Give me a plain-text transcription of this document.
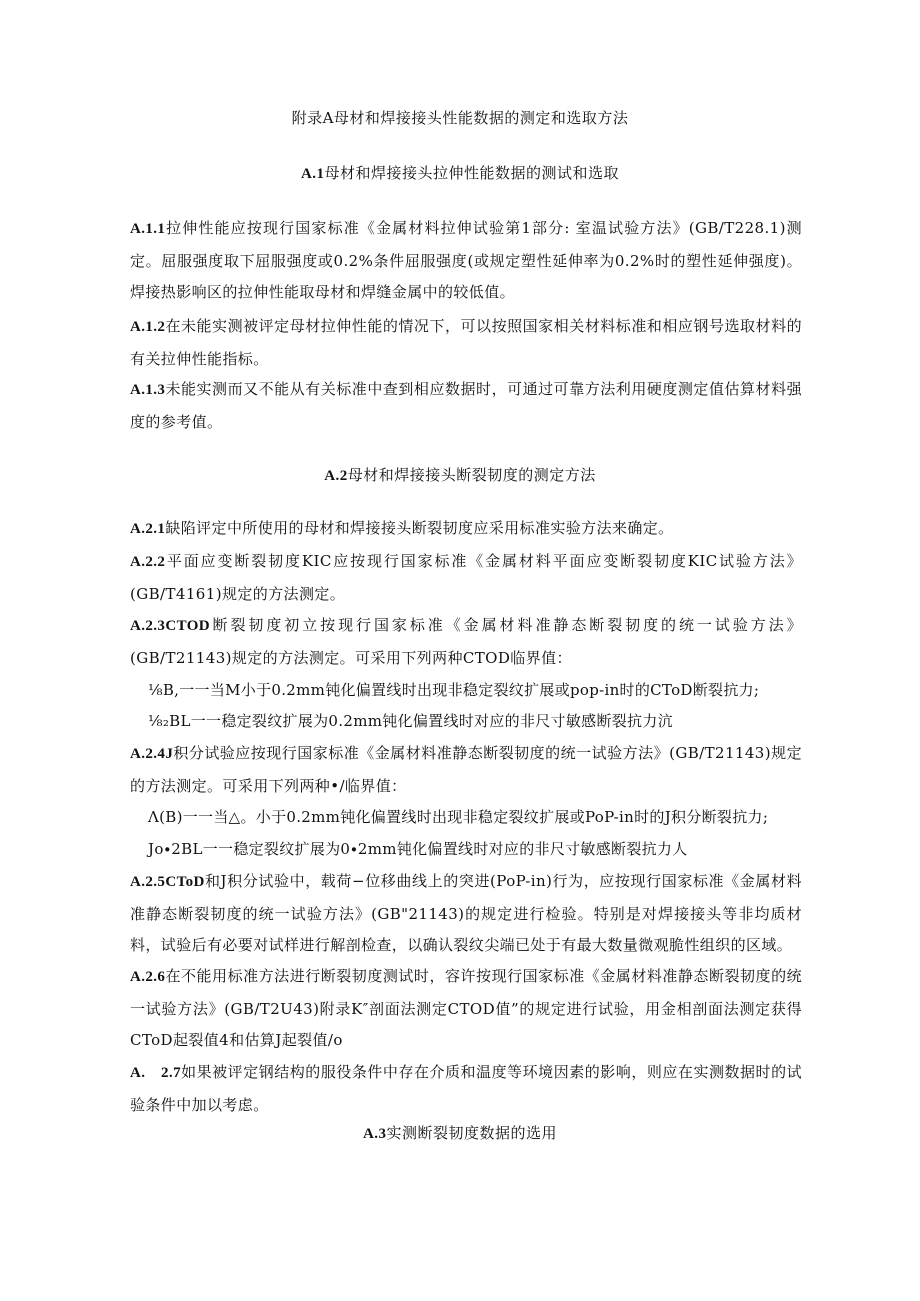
附录A母材和焊接接头性能数据的测定和选取方法
A.1母材和焊接接头拉伸性能数据的测试和选取
A.1.1拉伸性能应按现行国家标准《金属材料拉伸试验第1部分: 室温试验方法》(GB/T228.1)测定。屈服强度取下屈服强度或0.2%条件屈服强度(或规定塑性延伸率为0.2%时的塑性延伸强度)。焊接热影响区的拉伸性能取母材和焊缝金属中的较低值。
A.1.2在未能实测被评定母材拉伸性能的情况下，可以按照国家相关材料标准和相应钢号选取材料的有关拉伸性能指标。
A.1.3未能实测而又不能从有关标准中查到相应数据时，可通过可靠方法利用硬度测定值估算材料强度的参考值。
A.2母材和焊接接头断裂韧度的测定方法
A.2.1缺陷评定中所使用的母材和焊接接头断裂韧度应采用标准实验方法来确定。
A.2.2平面应变断裂韧度KIC应按现行国家标准《金属材料平面应变断裂韧度KIC试验方法》(GB/T4161)规定的方法测定。
A.2.3CTOD断裂韧度初立按现行国家标准《金属材料准静态断裂韧度的统一试验方法》(GB/T21143)规定的方法测定。可采用下列两种CTOD临界值：
⅛B,一一当M小于0.2mm钝化偏置线时出现非稳定裂纹扩展或pop-in时的CToD断裂抗力;
⅛₂BL一一稳定裂纹扩展为0.2mm钝化偏置线时对应的非尺寸敏感断裂抗力沆
A.2.4J积分试验应按现行国家标准《金属材料准静态断裂韧度的统一试验方法》(GB/T21143)规定的方法测定。可采用下列两种•/临界值：
Λ(B)一一当△。小于0.2mm钝化偏置线时出现非稳定裂纹扩展或PoP-in时的J积分断裂抗力;
Jo∙2BL一一稳定裂纹扩展为0∙2mm钝化偏置线时对应的非尺寸敏感断裂抗力人
A.2.5CToD和J积分试验中，载荷−位移曲线上的突进(PoP-in)行为，应按现行国家标准《金属材料准静态断裂韧度的统一试验方法》(GB"21143)的规定进行检验。特别是对焊接接头等非均质材料，试验后有必要对试样进行解剖检查，以确认裂纹尖端已处于有最大数量微观脆性组织的区域。
A.2.6在不能用标准方法进行断裂韧度测试时，容许按现行国家标准《金属材料准静态断裂韧度的统一试验方法》(GB/T2U43)附录K″剖面法测定CTOD值”的规定进行试验，用金相剖面法测定获得CToD起裂值4和估算J起裂值/o
A.　2.7如果被评定钢结构的服役条件中存在介质和温度等环境因素的影响，则应在实测数据时的试验条件中加以考虑。
A.3实测断裂韧度数据的选用
